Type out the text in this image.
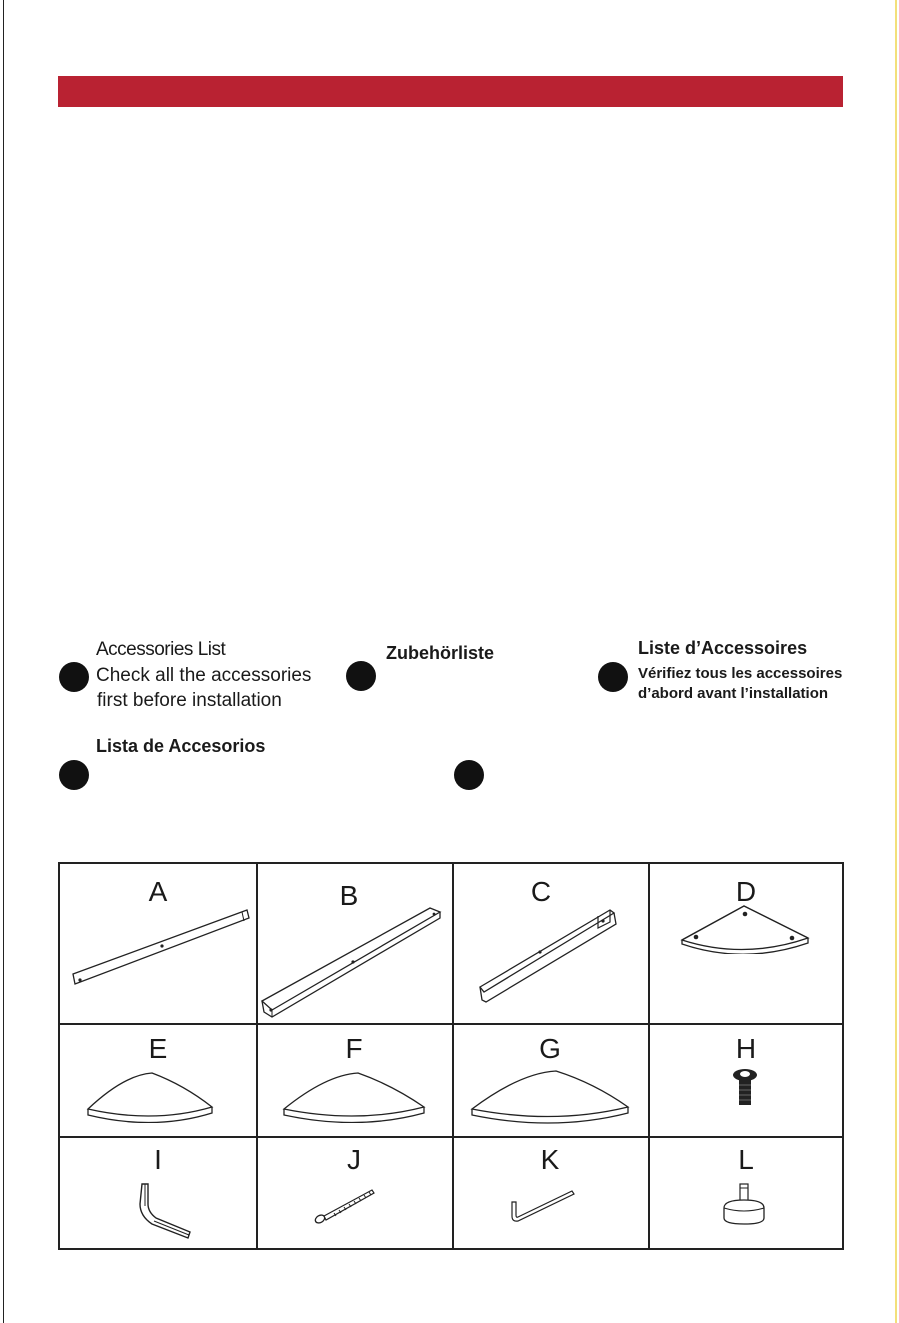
Accessories List
Check all the accessories
first before installation
Zubehörliste	Liste d’Accessoires
Vérifiez tous les accessoires
d’abord avant l’installation
Lista de Accesorios
A	B	C	D
E	F	G	H
I	J	K	L
